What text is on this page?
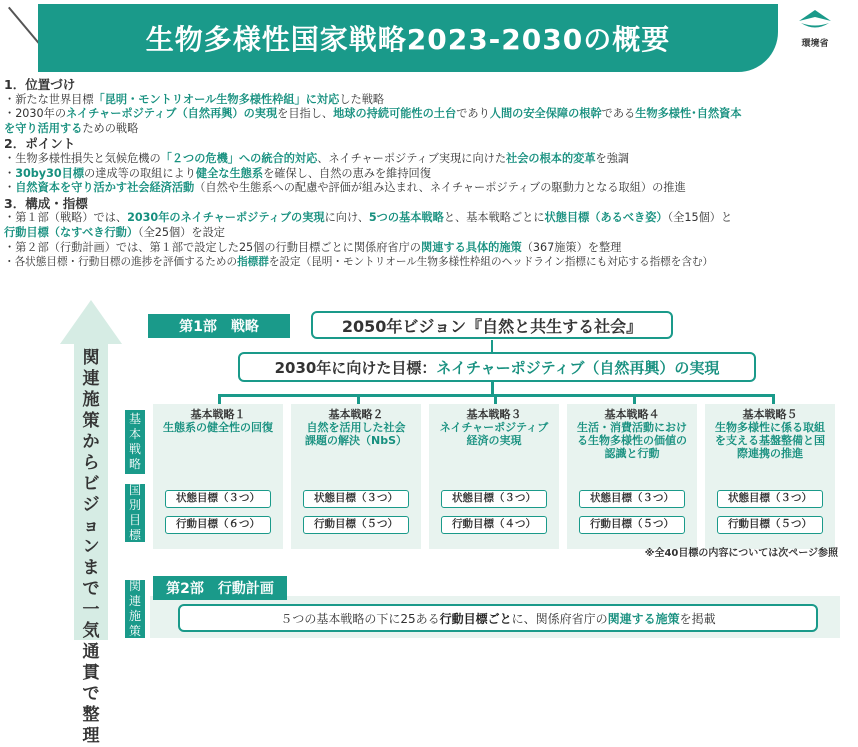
生物多様性国家戦略2023-2030の概要	環境省
1．位置づけ
・新たな世界目標「昆明・モントリオール生物多様性枠組」に対応した戦略
・2030年のネイチャーポジティブ（自然再興）の実現を目指し、地球の持続可能性の土台であり人間の安全保障の根幹である生物多様性･自然資本
を守り活用するための戦略
2．ポイント
・生物多様性損失と気候危機の「２つの危機」への統合的対応、ネイチャーポジティブ実現に向けた社会の根本的変革を強調
・30by30目標の達成等の取組により健全な生態系を確保し、自然の恵みを維持回復
・自然資本を守り活かす社会経済活動（自然や生態系への配慮や評価が組み込まれ、ネイチャーポジティブの駆動力となる取組）の推進
3．構成・指標
・第１部（戦略）では、2030年のネイチャーポジティブの実現に向け、5つの基本戦略と、基本戦略ごとに状態目標（あるべき姿）（全15個）と
行動目標（なすべき行動）（全25個）を設定
・第２部（行動計画）では、第１部で設定した25個の行動目標ごとに関係府省庁の関連する具体的施策（367施策）を整理
・各状態目標・行動目標の進捗を評価するための指標群を設定（昆明・モントリオール生物多様性枠組のヘッドライン指標にも対応する指標を含む）
関連施策からビジョンまで一気通貫で整理
第1部　戦略	2050年ビジョン『自然と共生する社会』
2030年に向けた目標： ネイチャーポジティブ（自然再興）の実現
基本戦略
国別目標
関連施策
基本戦略１
生態系の健全性の回復
基本戦略２
自然を活用した社会課題の解決（NbS）
基本戦略３
ネイチャーポジティブ経済の実現
基本戦略４
生活・消費活動における生物多様性の価値の認識と行動
基本戦略５
生物多様性に係る取組を支える基盤整備と国際連携の推進
状態目標（３つ）
行動目標（６つ）
状態目標（３つ）
行動目標（５つ）
状態目標（３つ）
行動目標（４つ）
状態目標（３つ）
行動目標（５つ）
状態目標（３つ）
行動目標（５つ）
※全40目標の内容については次ページ参照
第2部　行動計画
５つの基本戦略の下に25ある 行動目標ごと に、関係府省庁の 関連する施策 を掲載
